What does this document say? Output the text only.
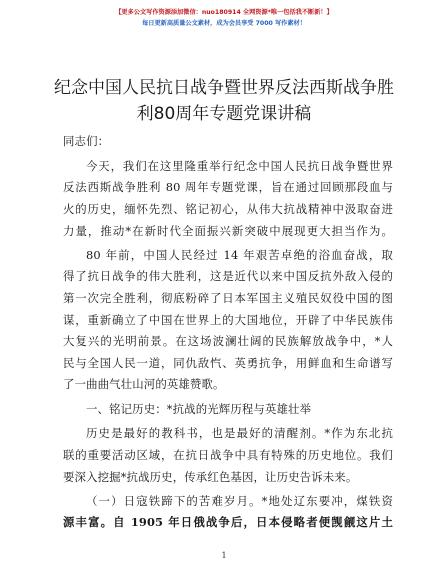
【更多公文写作资源添加微信：nuo180914 全网资源*唯一包括我不断新！】
每日更新高质量公文素材，成为会员享受 7000 写作素材！
纪念中国人民抗日战争暨世界反法西斯战争胜
利80周年专题党课讲稿
同志们：
今天，我们在这里隆重举行纪念中国人民抗日战争暨世界
反法西斯战争胜利 80 周年专题党课，旨在通过回顾那段血与
火的历史，缅怀先烈、铭记初心，从伟大抗战精神中汲取奋进
力量，推动*在新时代全面振兴新突破中展现更大担当作为。
80 年前，中国人民经过 14 年艰苦卓绝的浴血奋战，取
得了抗日战争的伟大胜利，这是近代以来中国反抗外敌入侵的
第一次完全胜利，彻底粉碎了日本军国主义殖民奴役中国的图
谋，重新确立了中国在世界上的大国地位，开辟了中华民族伟
大复兴的光明前景。在这场波澜壮阔的民族解放战争中，*人
民与全国人民一道，同仇敌忾、英勇抗争，用鲜血和生命谱写
了一曲曲气壮山河的英雄赞歌。
一、铭记历史：*抗战的光辉历程与英雄壮举
历史是最好的教科书，也是最好的清醒剂。*作为东北抗
联的重要活动区域，在抗日战争中具有特殊的历史地位。我们
要深入挖掘*抗战历史，传承红色基因，让历史告诉未来。
（一）日寇铁蹄下的苦难岁月。*地处辽东要冲，煤铁资
源丰富。自 1905 年日俄战争后，日本侵略者便觊觎这片土
1
